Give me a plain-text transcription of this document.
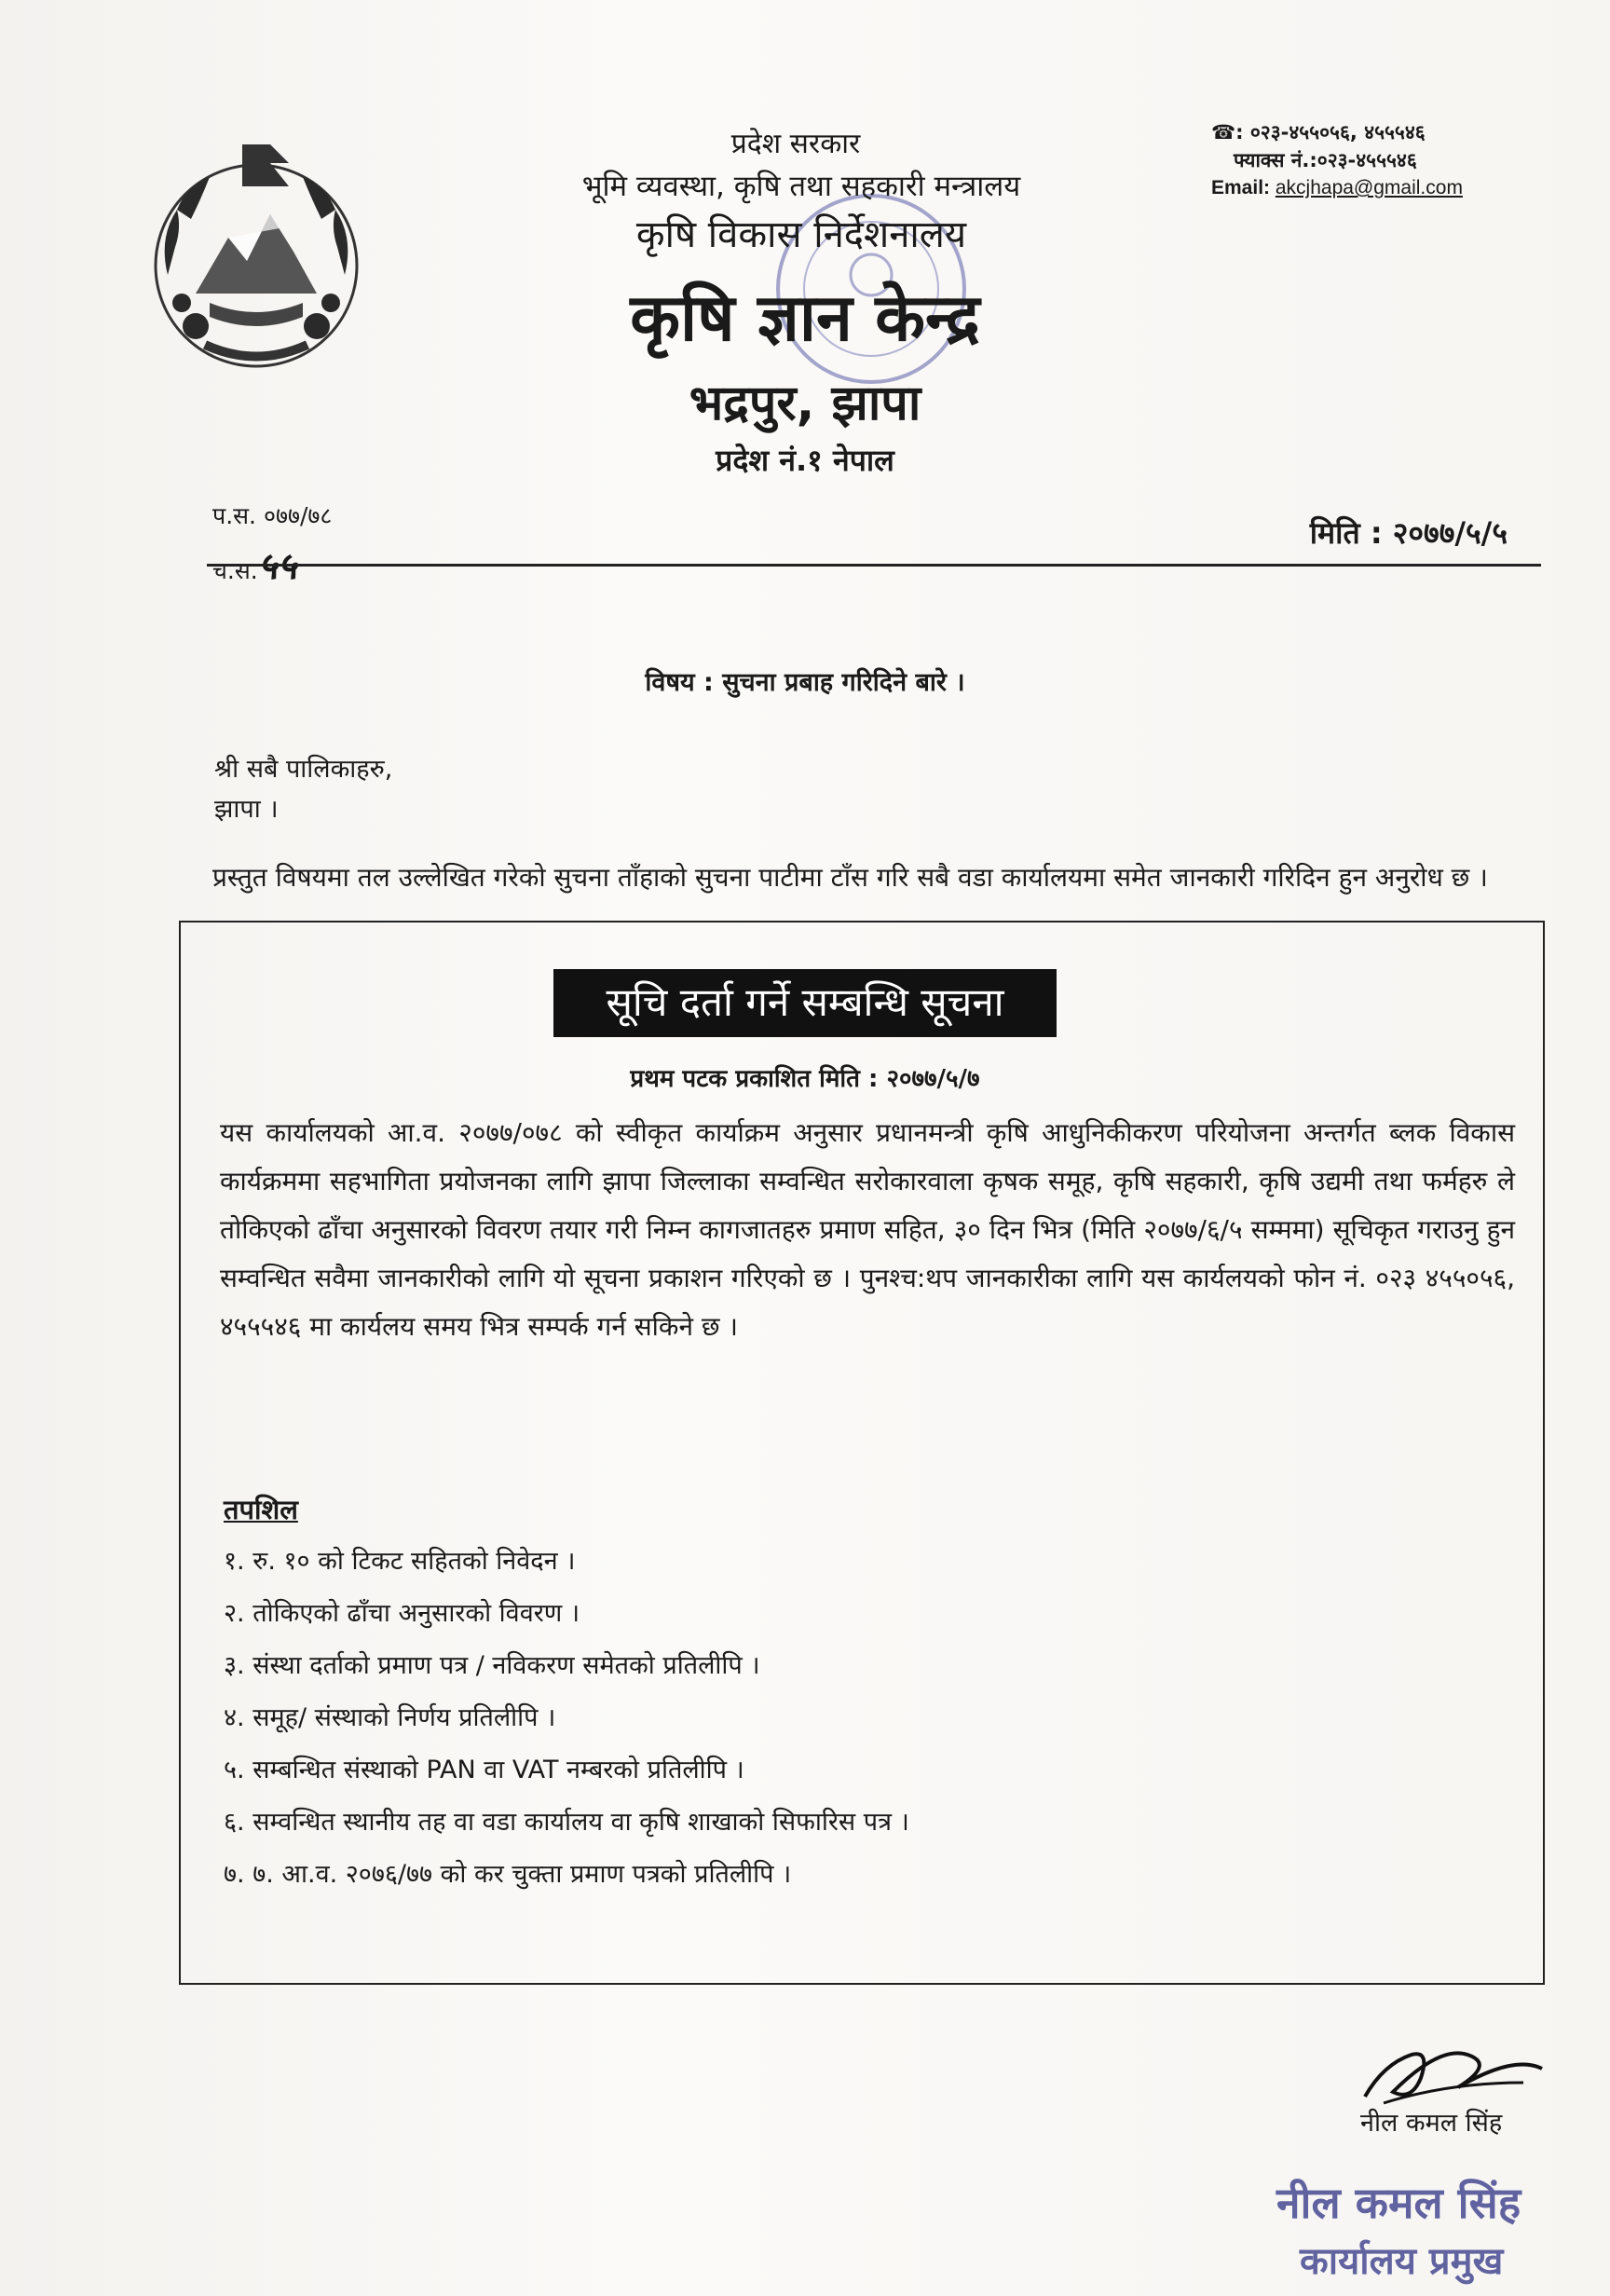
प्रदेश सरकार
भूमि व्यवस्था, कृषि तथा सहकारी मन्त्रालय
कृषि विकास निर्देशनालय
कृषि ज्ञान केन्द्र
भद्रपुर, झापा
प्रदेश नं.१ नेपाल
☎: ०२३-४५५०५६, ४५५५४६
फ्याक्स नं.:०२३-४५५५४६
Email: akcjhapa@gmail.com
प.स. ०७७/७८
च.स.५५
मिति : २०७७/५/५
विषय : सुचना प्रबाह गरिदिने बारे ।
श्री सबै पालिकाहरु,
झापा ।
प्रस्तुत विषयमा तल उल्लेखित गरेको सुचना ताँहाको सुचना पाटीमा टाँस गरि सबै वडा कार्यालयमा समेत जानकारी गरिदिन हुन अनुरोध छ ।
सूचि दर्ता गर्ने सम्बन्धि सूचना
प्रथम पटक प्रकाशित मिति : २०७७/५/७
यस कार्यालयको आ.व. २०७७/०७८ को स्वीकृत कार्याक्रम अनुसार प्रधानमन्त्री कृषि आधुनिकीकरण परियोजना अन्तर्गत ब्लक विकास कार्यक्रममा सहभागिता प्रयोजनका लागि झापा जिल्लाका सम्वन्धित सरोकारवाला कृषक समूह, कृषि सहकारी, कृषि उद्यमी तथा फर्महरु ले तोकिएको ढाँचा अनुसारको विवरण तयार गरी निम्न कागजातहरु प्रमाण सहित, ३० दिन भित्र (मिति २०७७/६/५ सम्ममा) सूचिकृत गराउनु हुन सम्वन्धित सवैमा जानकारीको लागि यो सूचना प्रकाशन गरिएको छ । पुनश्च:थप जानकारीका लागि यस कार्यलयको फोन नं. ०२३ ४५५०५६, ४५५५४६ मा कार्यलय समय भित्र सम्पर्क गर्न सकिने छ ।
तपशिल
१. रु. १० को टिकट सहितको निवेदन ।
२. तोकिएको ढाँचा अनुसारको विवरण ।
३. संस्था दर्ताको प्रमाण पत्र / नविकरण समेतको प्रतिलीपि ।
४. समूह/ संस्थाको निर्णय प्रतिलीपि ।
५. सम्बन्धित संस्थाको PAN वा VAT नम्बरको प्रतिलीपि ।
६. सम्वन्धित स्थानीय तह वा वडा कार्यालय वा कृषि शाखाको सिफारिस पत्र ।
७. ७. आ.व. २०७६/७७ को कर चुक्ता प्रमाण पत्रको प्रतिलीपि ।
नील कमल सिंह
नील कमल सिंह
कार्यालय प्रमुख
